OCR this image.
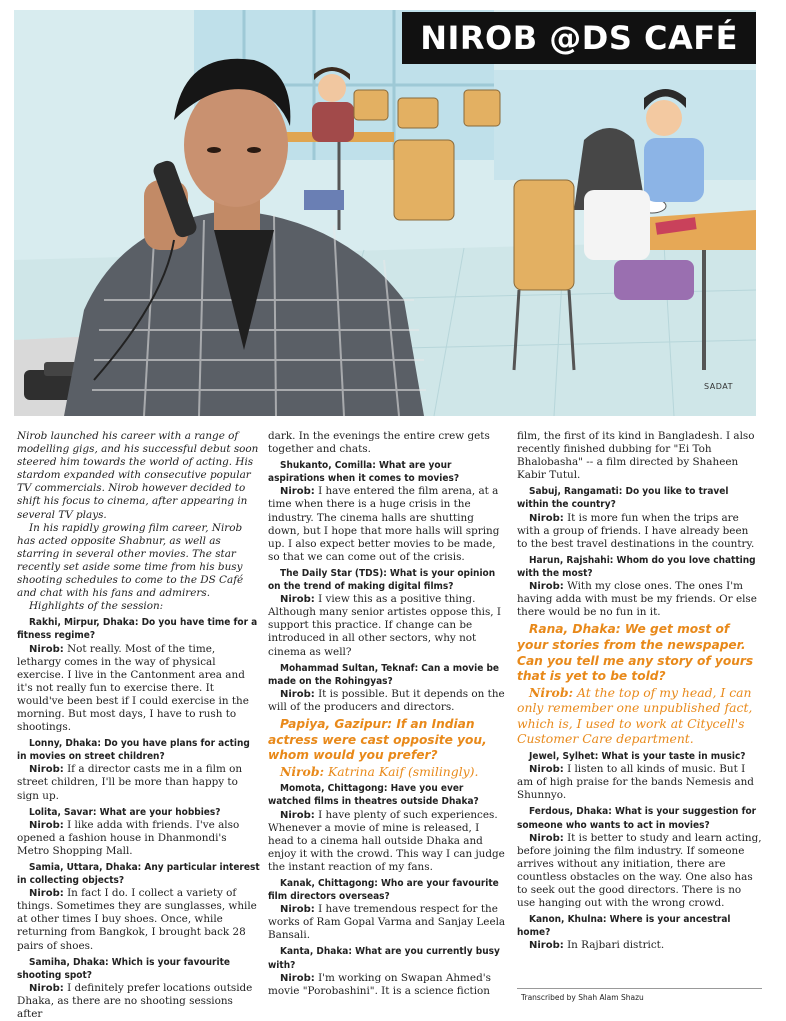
SADAT
NIROB @DS CAFÉ

Nirob launched his career with a range of modelling gigs, and his successful debut soon steered him towards the world of acting. His stardom expanded with consecutive popular TV commercials. Nirob however decided to shift his focus to cinema, after appearing in several TV plays.

In his rapidly growing film career, Nirob has acted opposite Shabnur, as well as starring in several other movies. The star recently set aside some time from his busy shooting schedules to come to the DS Café and chat with his fans and admirers.

Highlights of the session:

Rakhi, Mirpur, Dhaka: Do you have time for a fitness regime?

Nirob: Not really. Most of the time, lethargy comes in the way of physical exercise. I live in the Cantonment area and it's not really fun to exercise there. It would've been best if I could exercise in the morning. But most days, I have to rush to shootings.

Lonny, Dhaka: Do you have plans for acting in movies on street children?

Nirob: If a director casts me in a film on street children, I'll be more than happy to sign up.

Lolita, Savar: What are your hobbies?

Nirob: I like adda with friends. I've also opened a fashion house in Dhanmondi's Metro Shopping Mall.

Samia, Uttara, Dhaka: Any particular interest in collecting objects?

Nirob: In fact I do. I collect a variety of things. Sometimes they are sunglasses, while at other times I buy shoes. Once, while returning from Bangkok, I brought back 28 pairs of shoes.

Samiha, Dhaka: Which is your favourite shooting spot?

Nirob: I definitely prefer locations outside Dhaka, as there are no shooting sessions after

dark. In the evenings the entire crew gets together and chats.

Shukanto, Comilla: What are your aspirations when it comes to movies?

Nirob: I have entered the film arena, at a time when there is a huge crisis in the industry. The cinema halls are shutting down, but I hope that more halls will spring up. I also expect better movies to be made, so that we can come out of the crisis.

The Daily Star (TDS): What is your opinion on the trend of making digital films?

Nirob: I view this as a positive thing. Although many senior artistes oppose this, I support this practice. If change can be introduced in all other sectors, why not cinema as well?

Mohammad Sultan, Teknaf: Can a movie be made on the Rohingyas?

Nirob: It is possible. But it depends on the will of the producers and directors.

Papiya, Gazipur: If an Indian actress were cast opposite you, whom would you prefer?

Nirob: Katrina Kaif (smilingly).

Momota, Chittagong: Have you ever watched films in theatres outside Dhaka?

Nirob: I have plenty of such experiences. Whenever a movie of mine is released, I head to a cinema hall outside Dhaka and enjoy it with the crowd. This way I can judge the instant reaction of my fans.

Kanak, Chittagong: Who are your favourite film directors overseas?

Nirob: I have tremendous respect for the works of Ram Gopal Varma and Sanjay Leela Bansali.

Kanta, Dhaka: What are you currently busy with?

Nirob: I'm working on Swapan Ahmed's movie "Porobashini". It is a science fiction

film, the first of its kind in Bangladesh. I also recently finished dubbing for "Ei Toh Bhalobasha" -- a film directed by Shaheen Kabir Tutul.

Sabuj, Rangamati: Do you like to travel within the country?

Nirob: It is more fun when the trips are with a group of friends. I have already been to the best travel destinations in the country.

Harun, Rajshahi: Whom do you love chatting with the most?

Nirob: With my close ones. The ones I'm having adda with must be my friends. Or else there would be no fun in it.

Rana, Dhaka: We get most of your stories from the newspaper. Can you tell me any story of yours that is yet to be told?

Nirob: At the top of my head, I can only remember one unpublished fact, which is, I used to work at Citycell's Customer Care department.

Jewel, Sylhet: What is your taste in music?

Nirob: I listen to all kinds of music. But I am of high praise for the bands Nemesis and Shunnyo.

Ferdous, Dhaka: What is your suggestion for someone who wants to act in movies?

Nirob: It is better to study and learn acting, before joining the film industry. If someone arrives without any initiation, there are countless obstacles on the way. One also has to seek out the good directors. There is no use hanging out with the wrong crowd.

Kanon, Khulna: Where is your ancestral home?

Nirob: In Rajbari district.

Transcribed by Shah Alam Shazu
